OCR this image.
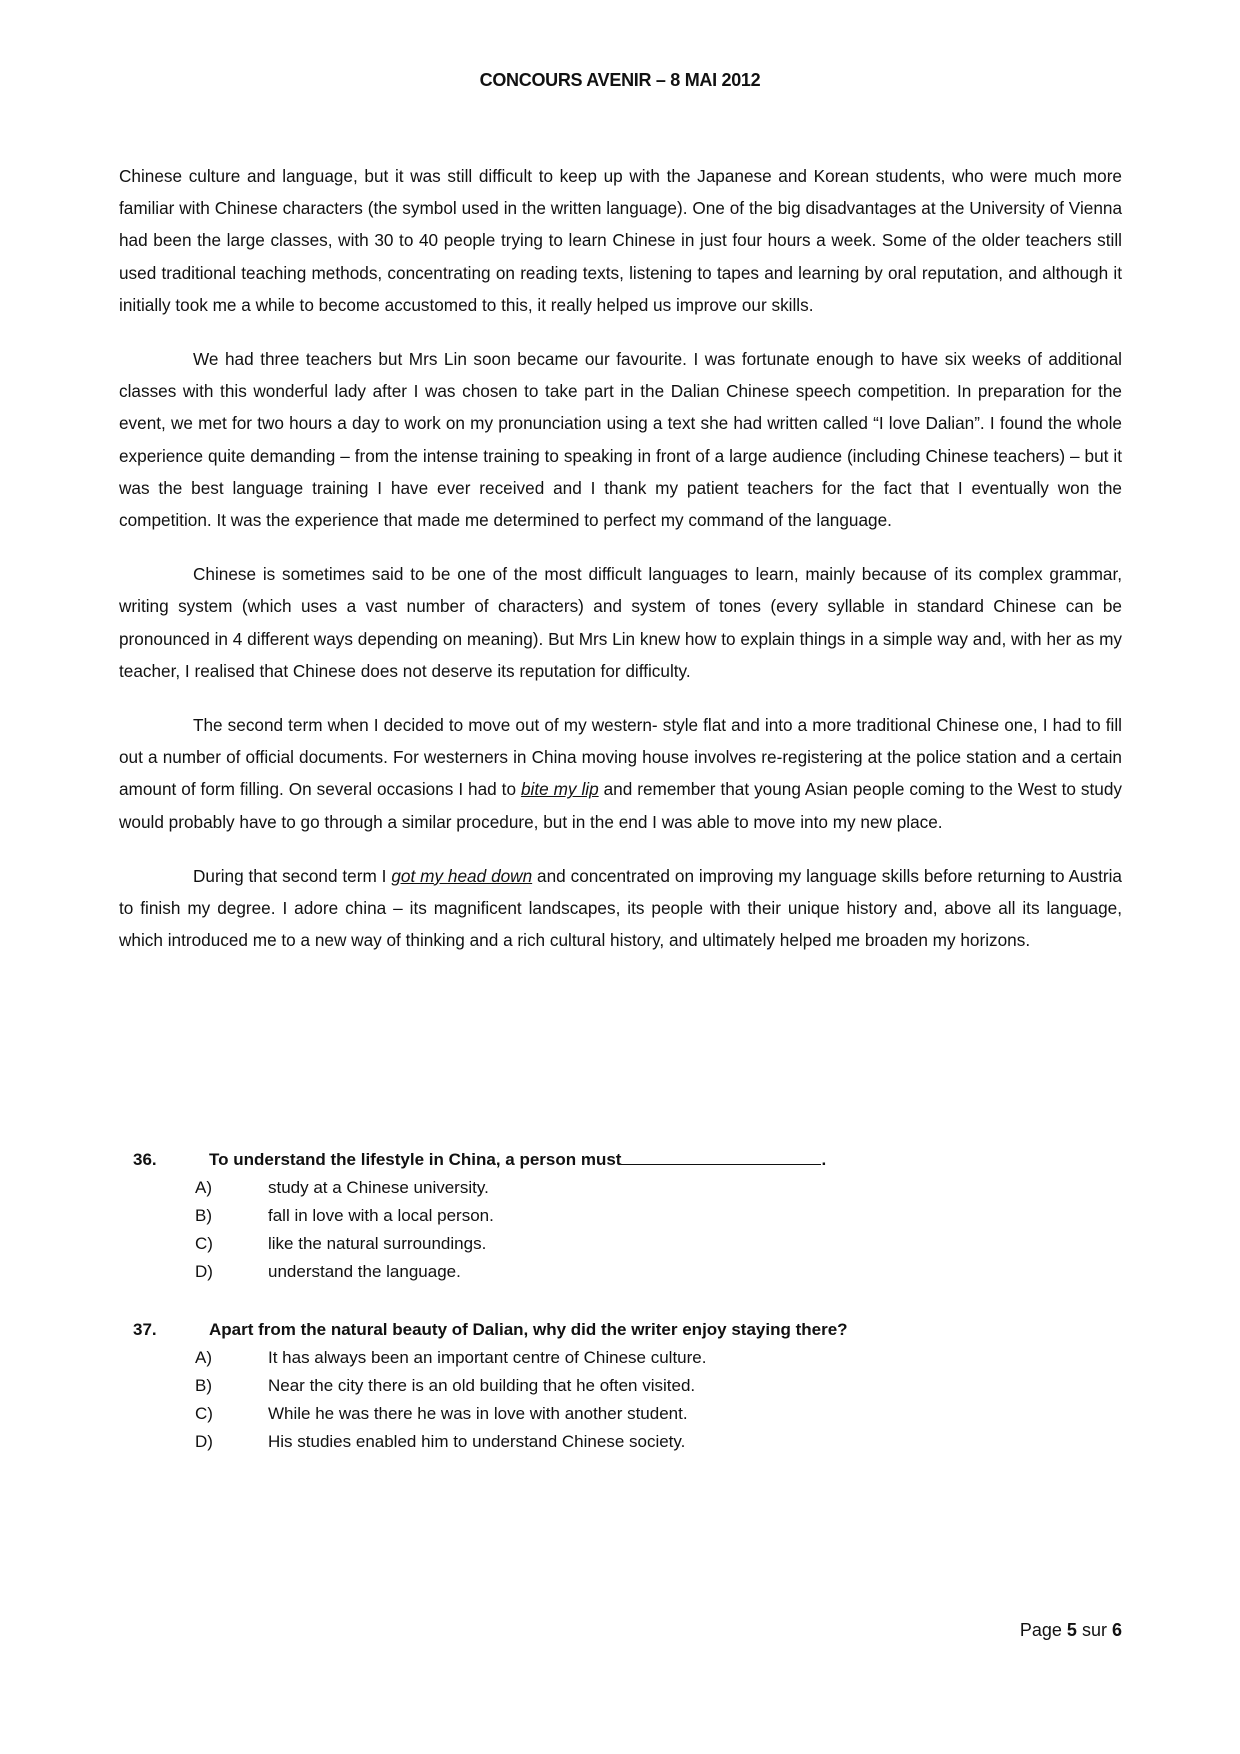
CONCOURS AVENIR – 8 MAI 2012

Chinese culture and language, but it was still difficult to keep up with the Japanese and Korean students, who were much more familiar with Chinese characters (the symbol used in the written language). One of the big disadvantages at the University of Vienna had been the large classes, with 30 to 40 people trying to learn Chinese in just four hours a week. Some of the older teachers still used traditional teaching methods, concentrating on reading texts, listening to tapes and learning by oral reputation, and although it initially took me a while to become accustomed to this, it really helped us improve our skills.

We had three teachers but Mrs Lin soon became our favourite. I was fortunate enough to have six weeks of additional classes with this wonderful lady after I was chosen to take part in the Dalian Chinese speech competition. In preparation for the event, we met for two hours a day to work on my pronunciation using a text she had written called “I love Dalian”. I found the whole experience quite demanding – from the intense training to speaking in front of a large audience (including Chinese teachers) – but it was the best language training I have ever received and I thank my patient teachers for the fact that I eventually won the competition. It was the experience that made me determined to perfect my command of the language.

Chinese is sometimes said to be one of the most difficult languages to learn, mainly because of its complex grammar, writing system (which uses a vast number of characters) and system of tones (every syllable in standard Chinese can be pronounced in 4 different ways depending on meaning). But Mrs Lin knew how to explain things in a simple way and, with her as my teacher, I realised that Chinese does not deserve its reputation for difficulty.

The second term when I decided to move out of my western- style flat and into a more traditional Chinese one, I had to fill out a number of official documents. For westerners in China moving house involves re-registering at the police station and a certain amount of form filling. On several occasions I had to bite my lip and remember that young Asian people coming to the West to study would probably have to go through a similar procedure, but in the end I was able to move into my new place.

During that second term I got my head down and concentrated on improving my language skills before returning to Austria to finish my degree. I adore china – its magnificent landscapes, its people with their unique history and, above all its language, which introduced me to a new way of thinking and a rich cultural history, and ultimately helped me broaden my horizons.

36.	To understand the lifestyle in China, a person must	.
A)	study at a Chinese university.
B)	fall in love with a local person.
C)	like the natural surroundings.
D)	understand the language.
37.	Apart from the natural beauty of Dalian, why did the writer enjoy staying there?
A)	It has always been an important centre of Chinese culture.
B)	Near the city there is an old building that he often visited.
C)	While he was there he was in love with another student.
D)	His studies enabled him to understand Chinese society.
Page 5 sur 6
